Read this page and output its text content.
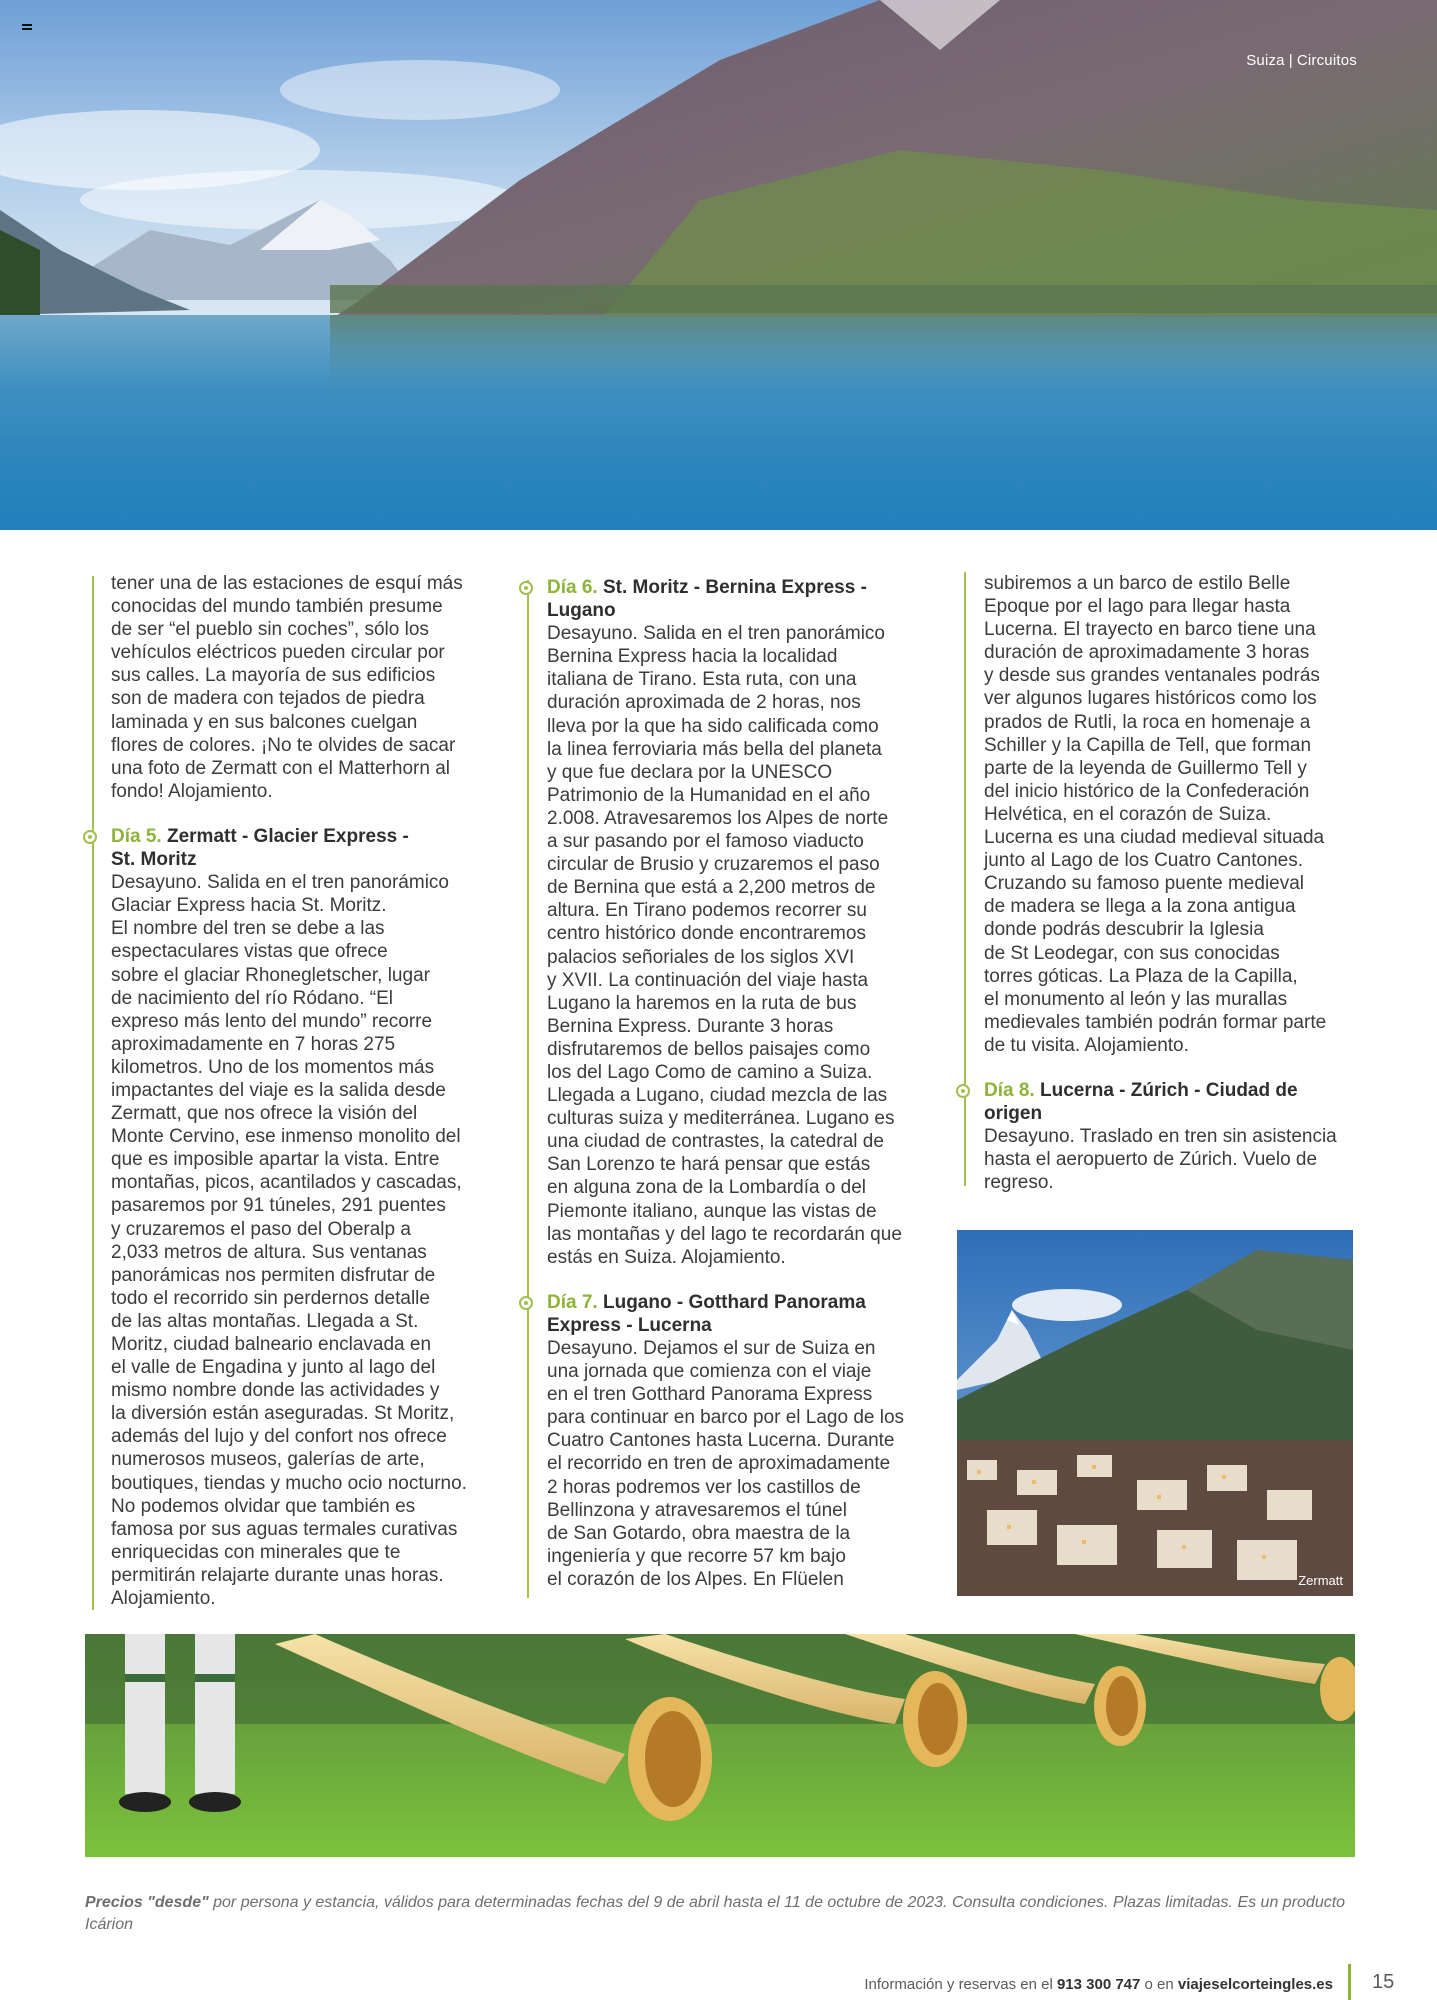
Suiza | Circuitos

tener una de las estaciones de esquí más
conocidas del mundo también presume
de ser “el pueblo sin coches”, sólo los
vehículos eléctricos pueden circular por
sus calles. La mayoría de sus edificios
son de madera con tejados de piedra
laminada y en sus balcones cuelgan
flores de colores. ¡No te olvides de sacar
una foto de Zermatt con el Matterhorn al
fondo! Alojamiento.

Día 5. Zermatt - Glacier Express -
St. Moritz

Desayuno. Salida en el tren panorámico
Glaciar Express hacia St. Moritz.
El nombre del tren se debe a las
espectaculares vistas que ofrece
sobre el glaciar Rhonegletscher, lugar
de nacimiento del río Ródano. “El
expreso más lento del mundo” recorre
aproximadamente en 7 horas 275
kilometros. Uno de los momentos más
impactantes del viaje es la salida desde
Zermatt, que nos ofrece la visión del
Monte Cervino, ese inmenso monolito del
que es imposible apartar la vista. Entre
montañas, picos, acantilados y cascadas,
pasaremos por 91 túneles, 291 puentes
y cruzaremos el paso del Oberalp a
2,033 metros de altura. Sus ventanas
panorámicas nos permiten disfrutar de
todo el recorrido sin perdernos detalle
de las altas montañas. Llegada a St.
Moritz, ciudad balneario enclavada en
el valle de Engadina y junto al lago del
mismo nombre donde las actividades y
la diversión están aseguradas. St Moritz,
además del lujo y del confort nos ofrece
numerosos museos, galerías de arte,
boutiques, tiendas y mucho ocio nocturno.
No podemos olvidar que también es
famosa por sus aguas termales curativas
enriquecidas con minerales que te
permitirán relajarte durante unas horas.
Alojamiento.

Día 6. St. Moritz - Bernina Express -
Lugano

Desayuno. Salida en el tren panorámico
Bernina Express hacia la localidad
italiana de Tirano. Esta ruta, con una
duración aproximada de 2 horas, nos
lleva por la que ha sido calificada como
la linea ferroviaria más bella del planeta
y que fue declara por la UNESCO
Patrimonio de la Humanidad en el año
2.008. Atravesaremos los Alpes de norte
a sur pasando por el famoso viaducto
circular de Brusio y cruzaremos el paso
de Bernina que está a 2,200 metros de
altura. En Tirano podemos recorrer su
centro histórico donde encontraremos
palacios señoriales de los siglos XVI
y XVII. La continuación del viaje hasta
Lugano la haremos en la ruta de bus
Bernina Express. Durante 3 horas
disfrutaremos de bellos paisajes como
los del Lago Como de camino a Suiza.
Llegada a Lugano, ciudad mezcla de las
culturas suiza y mediterránea. Lugano es
una ciudad de contrastes, la catedral de
San Lorenzo te hará pensar que estás
en alguna zona de la Lombardía o del
Piemonte italiano, aunque las vistas de
las montañas y del lago te recordarán que
estás en Suiza. Alojamiento.

Día 7. Lugano - Gotthard Panorama
Express - Lucerna

Desayuno. Dejamos el sur de Suiza en
una jornada que comienza con el viaje
en el tren Gotthard Panorama Express
para continuar en barco por el Lago de los
Cuatro Cantones hasta Lucerna. Durante
el recorrido en tren de aproximadamente
2 horas podremos ver los castillos de
Bellinzona y atravesaremos el túnel
de San Gotardo, obra maestra de la
ingeniería y que recorre 57 km bajo
el corazón de los Alpes. En Flüelen

subiremos a un barco de estilo Belle
Epoque por el lago para llegar hasta
Lucerna. El trayecto en barco tiene una
duración de aproximadamente 3 horas
y desde sus grandes ventanales podrás
ver algunos lugares históricos como los
prados de Rutli, la roca en homenaje a
Schiller y la Capilla de Tell, que forman
parte de la leyenda de Guillermo Tell y
del inicio histórico de la Confederación
Helvética, en el corazón de Suiza.
Lucerna es una ciudad medieval situada
junto al Lago de los Cuatro Cantones.
Cruzando su famoso puente medieval
de madera se llega a la zona antigua
donde podrás descubrir la Iglesia
de St Leodegar, con sus conocidas
torres góticas. La Plaza de la Capilla,
el monumento al león y las murallas
medievales también podrán formar parte
de tu visita. Alojamiento.

Día 8. Lucerna - Zúrich - Ciudad de
origen

Desayuno. Traslado en tren sin asistencia
hasta el aeropuerto de Zúrich. Vuelo de
regreso.

Zermatt
Precios "desde" por persona y estancia, válidos para determinadas fechas del 9 de abril hasta el 11 de octubre de 2023. Consulta condiciones. Plazas limitadas. Es un producto Icárion
Información y reservas en el 913 300 747 o en viajeselcorteingles.es 15
